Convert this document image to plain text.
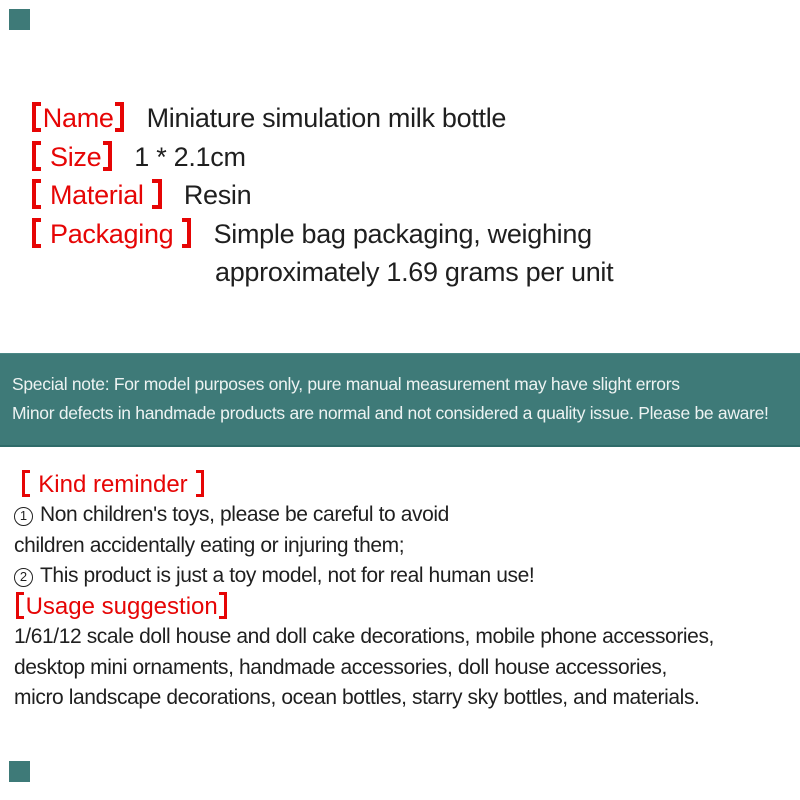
Name Miniature simulation milk bottle
Size 1 * 2.1cm
Material  Resin
Packaging  Simple bag packaging, weighing
approximately 1.69 grams per unit
Special note: For model purposes only, pure manual measurement may have slight errors
Minor defects in handmade products are normal and not considered a quality issue. Please be aware!
Kind reminder
1 Non children's toys, please be careful to avoid
children accidentally eating or injuring them;
2 This product is just a toy model, not for real human use!
Usage suggestion
1/61/12 scale doll house and doll cake decorations, mobile phone accessories,
desktop mini ornaments, handmade accessories, doll house accessories,
micro landscape decorations, ocean bottles, starry sky bottles, and materials.
